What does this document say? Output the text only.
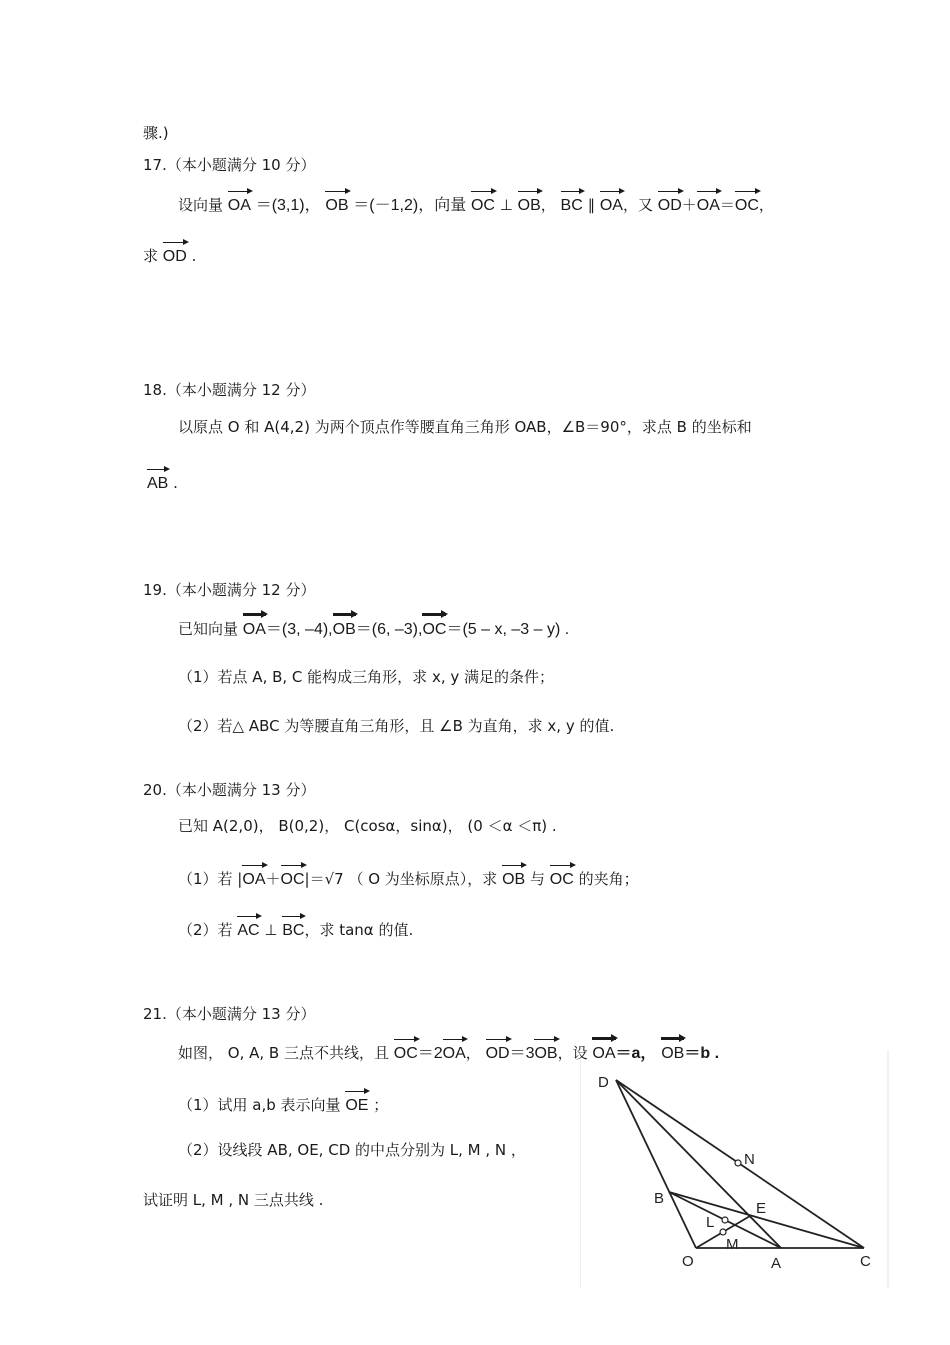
骤.)
17.（本小题满分 10 分）
设向量 OA ＝(3,1)， OB ＝(－1,2)，向量 OC ⊥ OB， BC ∥ OA，又 OD＋OA＝OC，
求 OD .
18.（本小题满分 12 分）
以原点 O 和 A(4,2) 为两个顶点作等腰直角三角形 OAB，∠B＝90°，求点 B 的坐标和
AB .
19.（本小题满分 12 分）
已知向量 OA＝(3, –4),OB＝(6, –3),OC＝(5 – x, –3 – y) .
（1）若点 A, B, C 能构成三角形，求 x, y 满足的条件；
（2）若△ ABC 为等腰直角三角形，且 ∠B 为直角，求 x, y 的值.
20.（本小题满分 13 分）
已知 A(2,0)， B(0,2)， C(cosα，sinα)， (0 ＜α ＜π) .
（1）若 |OA＋OC|＝√7 （ O 为坐标原点），求 OB 与 OC 的夹角；
（2）若 AC ⊥ BC，求 tanα 的值.
21.（本小题满分 13 分）
如图， O, A, B 三点不共线，且 OC＝2OA， OD＝3OB，设 OA＝a， OB＝b .
（1）试用 a,b 表示向量 OE ；
（2）设线段 AB, OE, CD 的中点分别为 L, M , N ，
试证明 L, M , N 三点共线 .
D
N
B
E
L
M
O	A	C
